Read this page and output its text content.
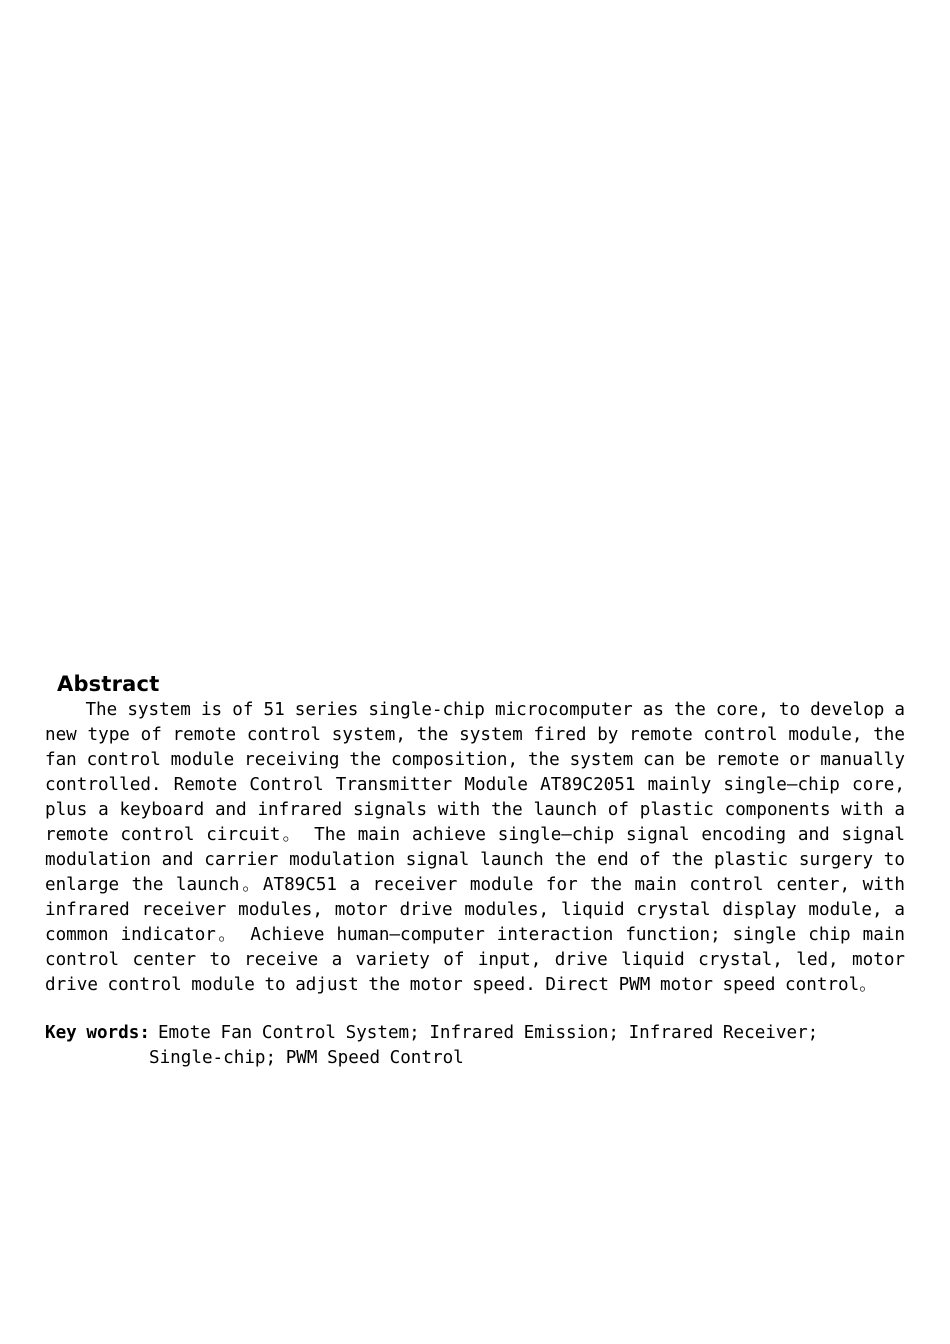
Abstract

The system is of 51 series single-chip microcomputer as the core, to develop a new type of remote control system, the system fired by remote control module, the fan control module receiving the composition, the system can be remote or manually controlled. Remote Control Transmitter Module AT89C2051 mainly single—chip core, plus a keyboard and infrared signals with the launch of plastic components with a remote control circuit。 The main achieve single—chip signal encoding and signal modulation and carrier modulation signal launch the end of the plastic surgery to enlarge the launch。AT89C51 a receiver module for the main control center, with infrared receiver modules, motor drive modules, liquid crystal display module, a common indicator。 Achieve human—computer interaction function; single chip main control center to receive a variety of input, drive liquid crystal, led, motor drive control module to adjust the motor speed. Direct PWM motor speed control。

Key words: Emote Fan Control System; Infrared Emission; Infrared Receiver;
Single-chip; PWM Speed Control
